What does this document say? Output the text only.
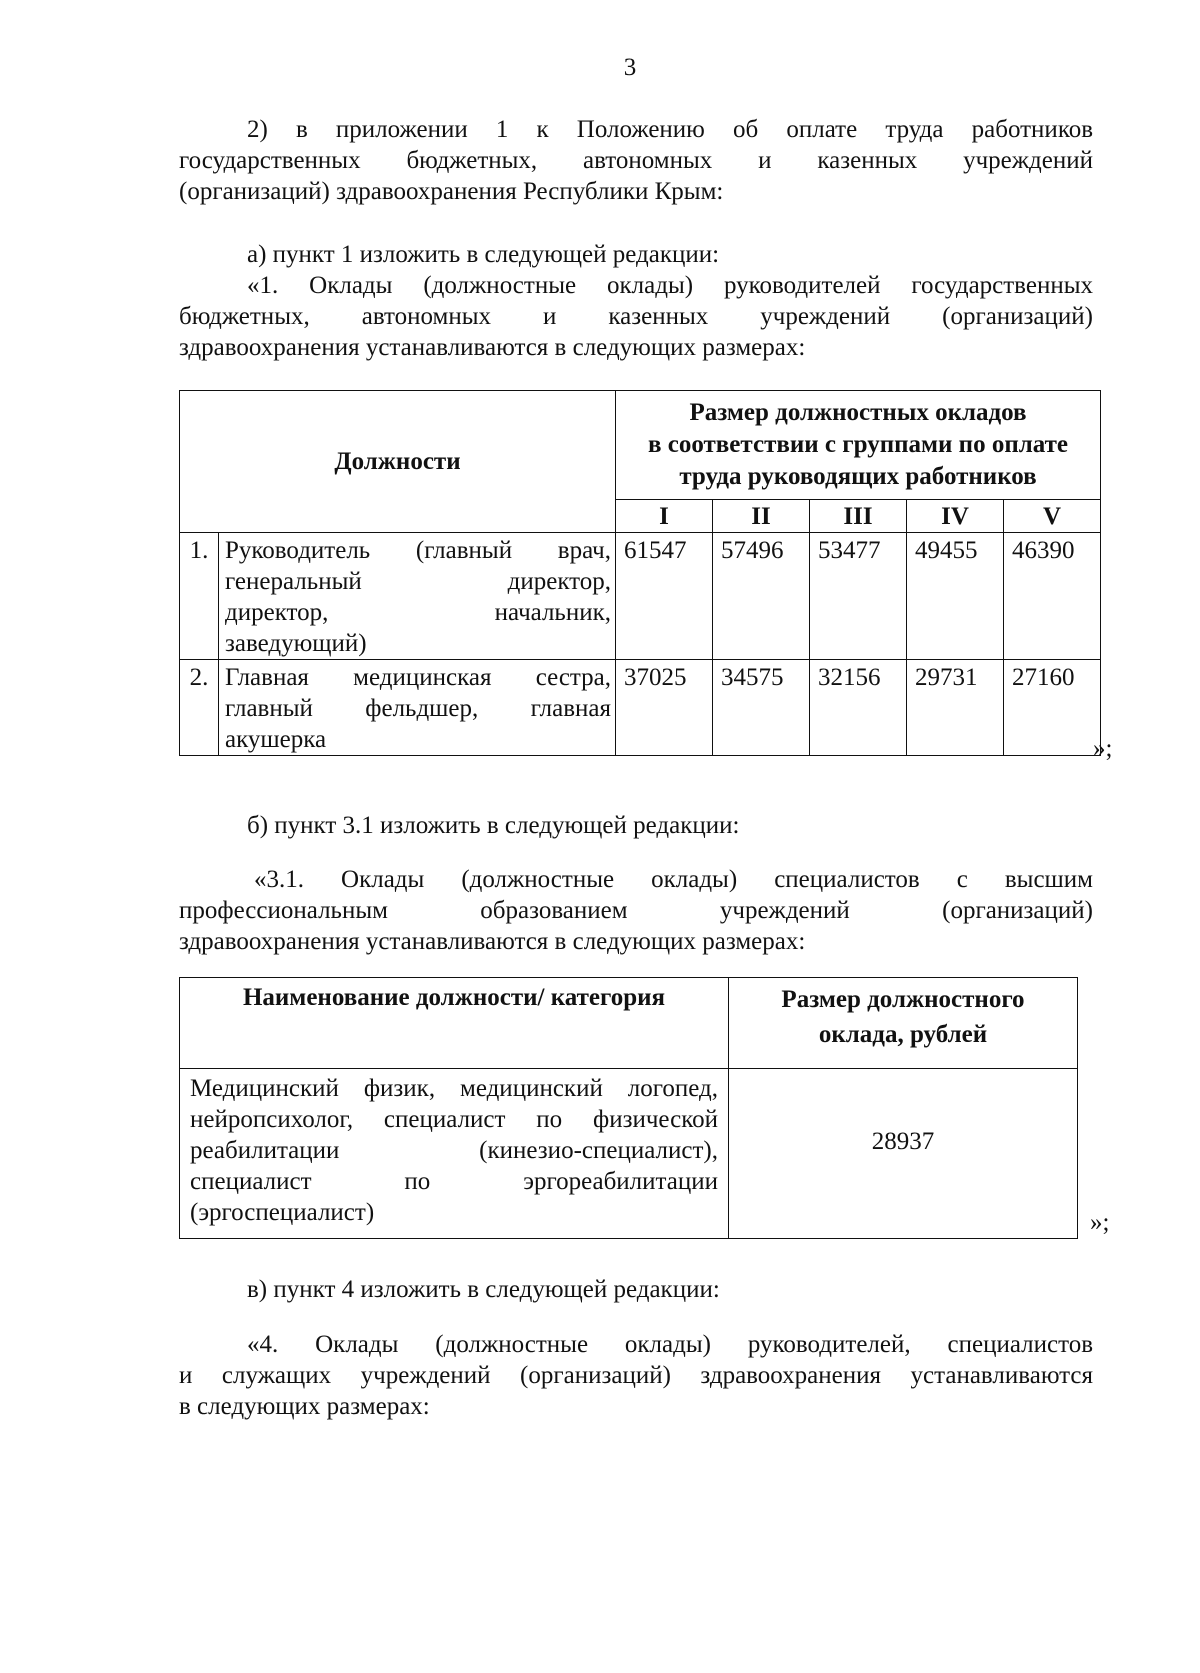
3
2) в приложении 1 к Положению об оплате труда работников
государственных бюджетных, автономных и казенных учреждений
(организаций) здравоохранения Республики Крым:
а) пункт 1 изложить в следующей редакции:
«1. Оклады (должностные оклады) руководителей государственных
бюджетных, автономных и казенных учреждений (организаций)
здравоохранения устанавливаются в следующих размерах:
Должности		Размер должностных окладов
в соответствии с группами по оплате
труда руководящих работников				

		I	II	III	IV	V
1.	Руководитель (главный врач,
генеральный директор,
директор, начальник,
заведующий)	61547	57496	53477	49455	46390
2.	Главная медицинская сестра,
главный фельдшер, главная
акушерка	37025	34575	32156	29731	27160
»;
б) пункт 3.1 изложить в следующей редакции:
«3.1. Оклады (должностные оклады) специалистов с высшим
профессиональным образованием учреждений (организаций)
здравоохранения устанавливаются в следующих размерах:
Наименование должности/ категория	Размер должностного
оклада, рублей

Медицинский физик, медицинский логопед,
нейропсихолог, специалист по физической
реабилитации (кинезио-специалист),
специалист по эргореабилитации
(эргоспециалист)	28937
»;
в) пункт 4 изложить в следующей редакции:
«4. Оклады (должностные оклады) руководителей, специалистов
и служащих учреждений (организаций) здравоохранения устанавливаются
в следующих размерах:
